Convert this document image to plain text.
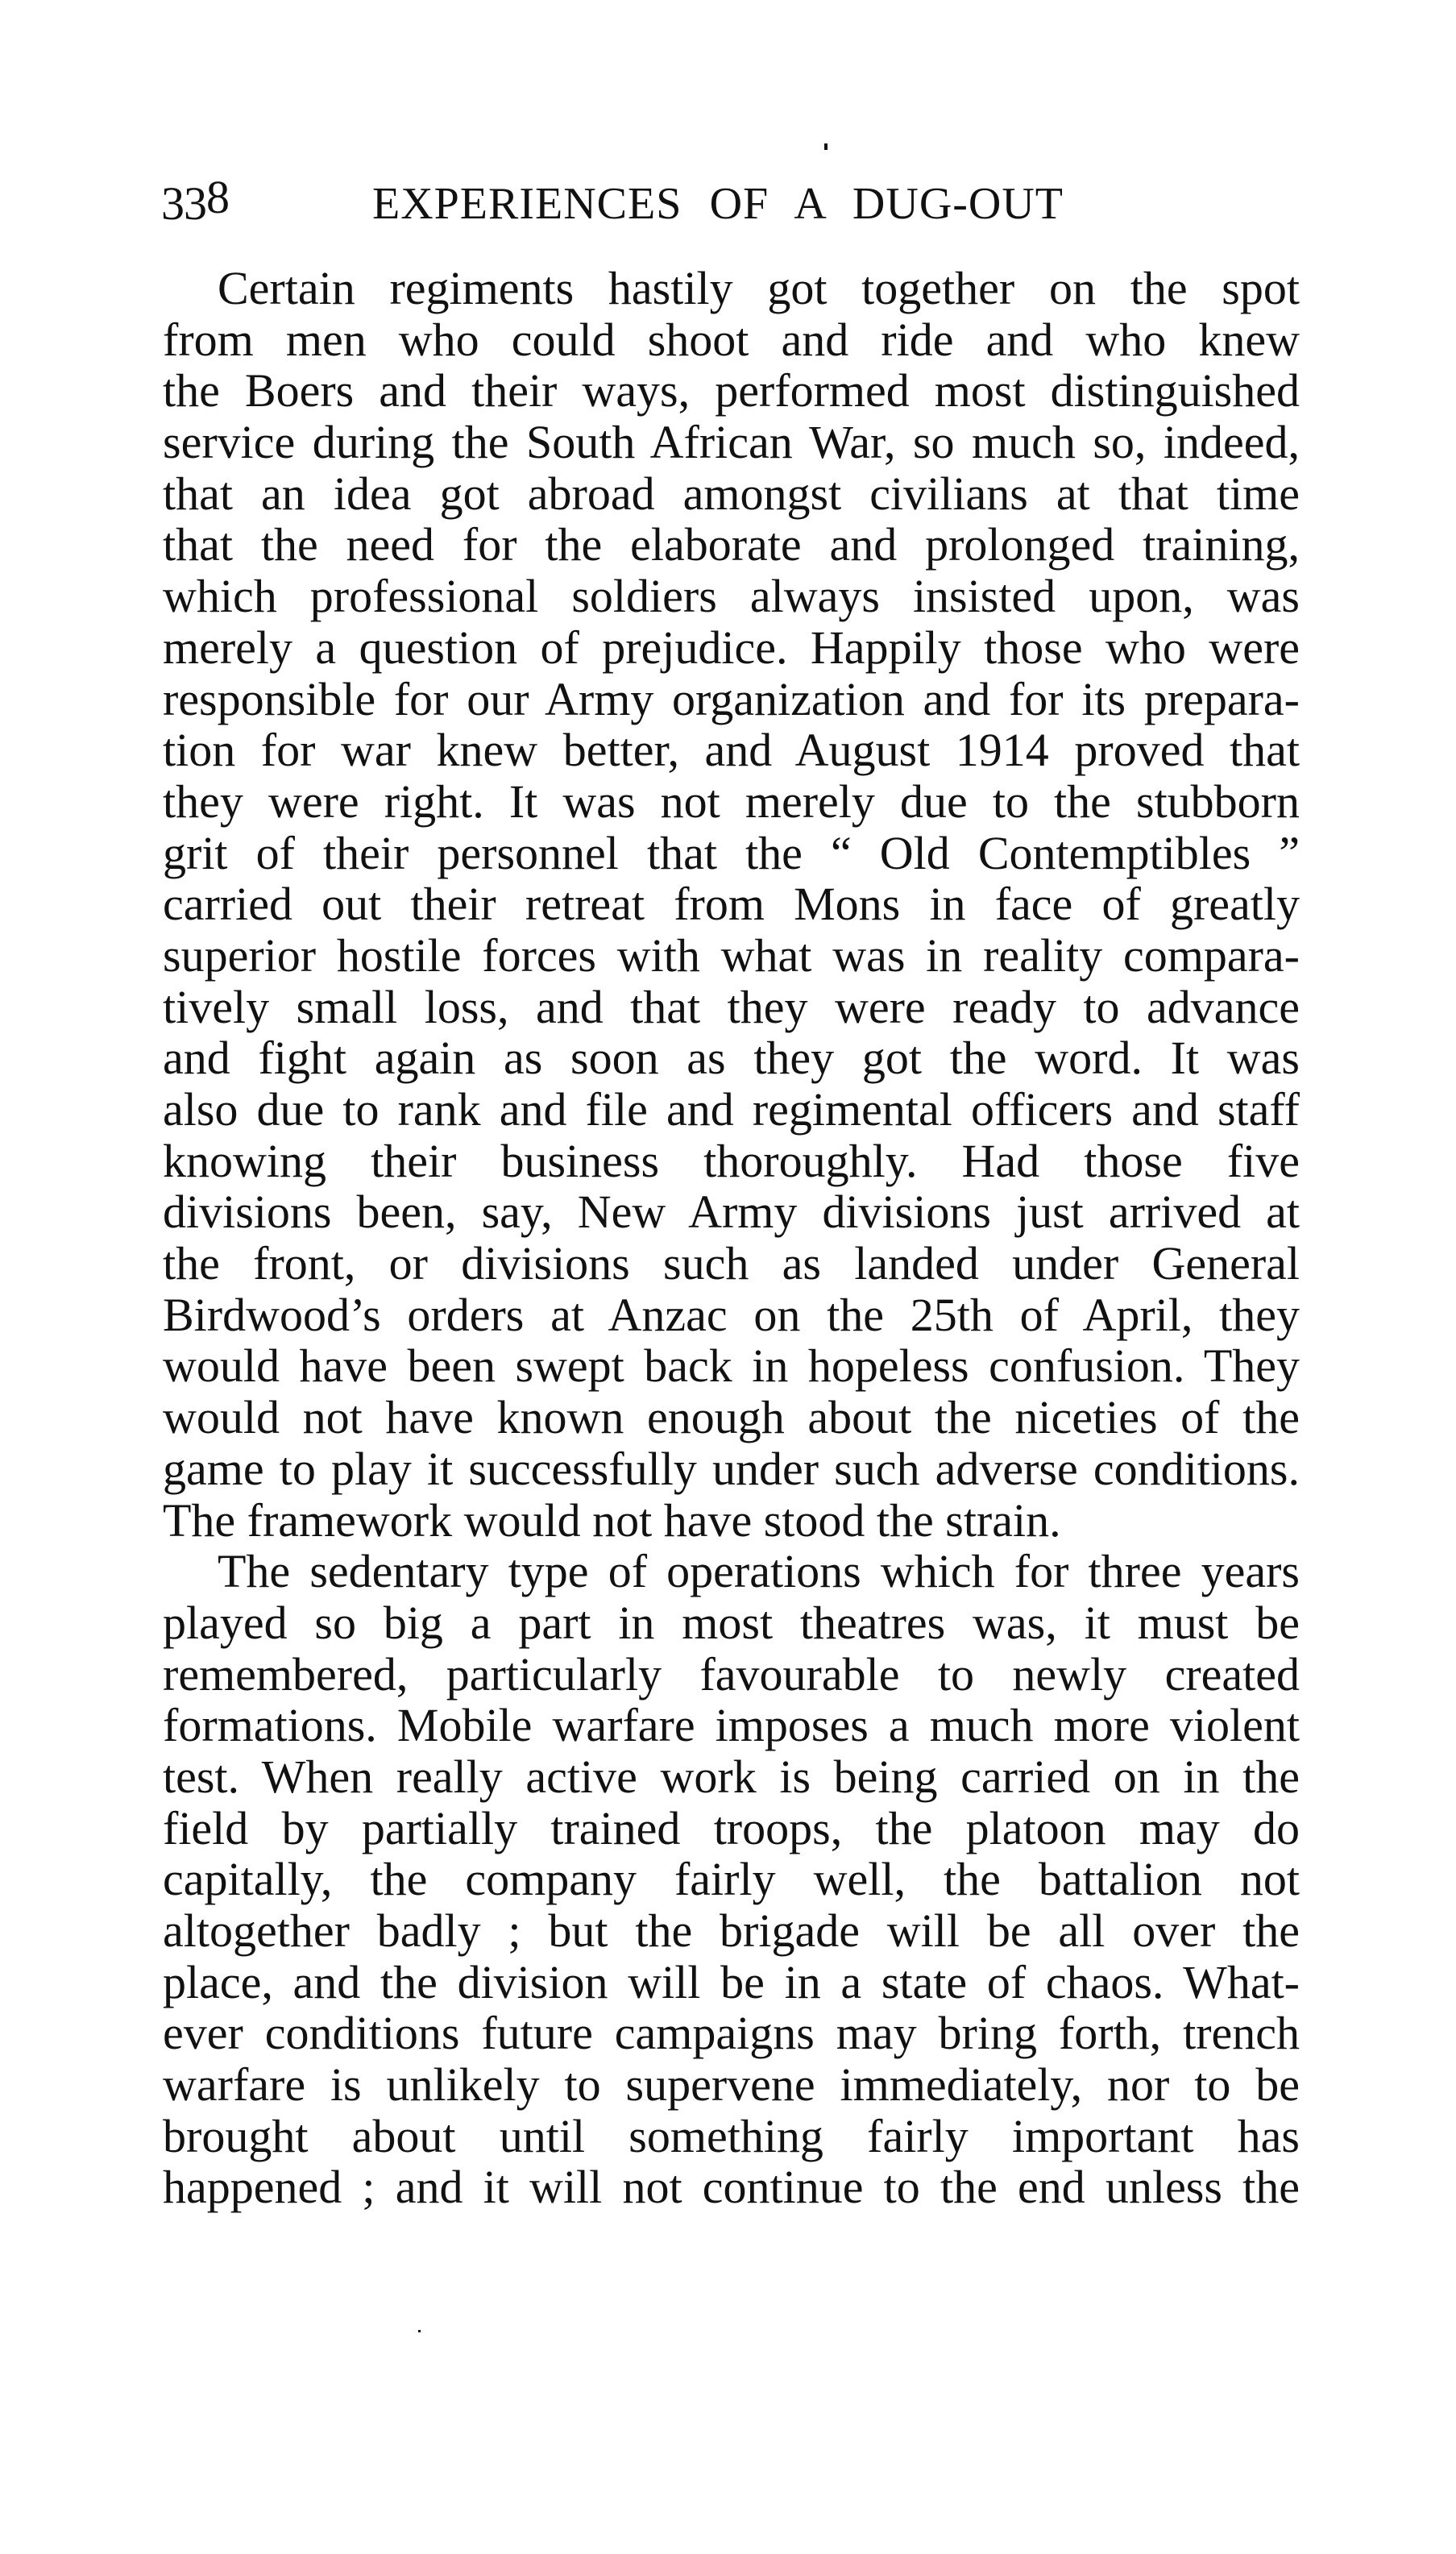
338	EXPERIENCES OF A DUG-OUT
Certain regiments hastily got together on the spot
from men who could shoot and ride and who knew
the Boers and their ways, performed most distinguished
service during the South African War, so much so, indeed,
that an idea got abroad amongst civilians at that time
that the need for the elaborate and prolonged training,
which professional soldiers always insisted upon, was
merely a question of prejudice. Happily those who were
responsible for our Army organization and for its prepara-
tion for war knew better, and August 1914 proved that
they were right. It was not merely due to the stubborn
grit of their personnel that the “ Old Contemptibles ”
carried out their retreat from Mons in face of greatly
superior hostile forces with what was in reality compara-
tively small loss, and that they were ready to advance
and fight again as soon as they got the word. It was
also due to rank and file and regimental officers and staff
knowing their business thoroughly. Had those five
divisions been, say, New Army divisions just arrived at
the front, or divisions such as landed under General
Birdwood’s orders at Anzac on the 25th of April, they
would have been swept back in hopeless confusion. They
would not have known enough about the niceties of the
game to play it successfully under such adverse conditions.
The framework would not have stood the strain.
The sedentary type of operations which for three years
played so big a part in most theatres was, it must be
remembered, particularly favourable to newly created
formations. Mobile warfare imposes a much more violent
test. When really active work is being carried on in the
field by partially trained troops, the platoon may do
capitally, the company fairly well, the battalion not
altogether badly ; but the brigade will be all over the
place, and the division will be in a state of chaos. What-
ever conditions future campaigns may bring forth, trench
warfare is unlikely to supervene immediately, nor to be
brought about until something fairly important has
happened ; and it will not continue to the end unless the
